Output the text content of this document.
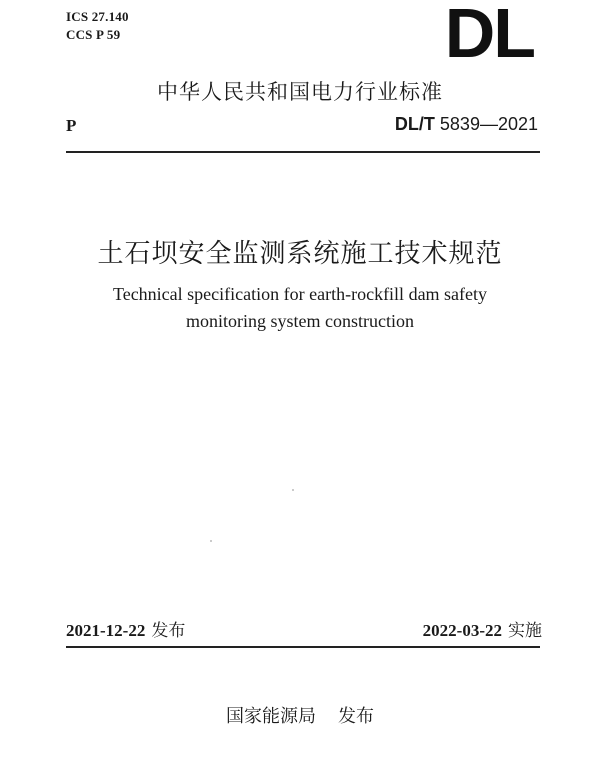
ICS 27.140
CCS P 59	DL
中华人民共和国电力行业标准
P	DL/T 5839—2021
土石坝安全监测系统施工技术规范
Technical specification for earth-rockfill dam safety
monitoring system construction
2021-12-22 发布	2022-03-22 实施
国家能源局 发布
